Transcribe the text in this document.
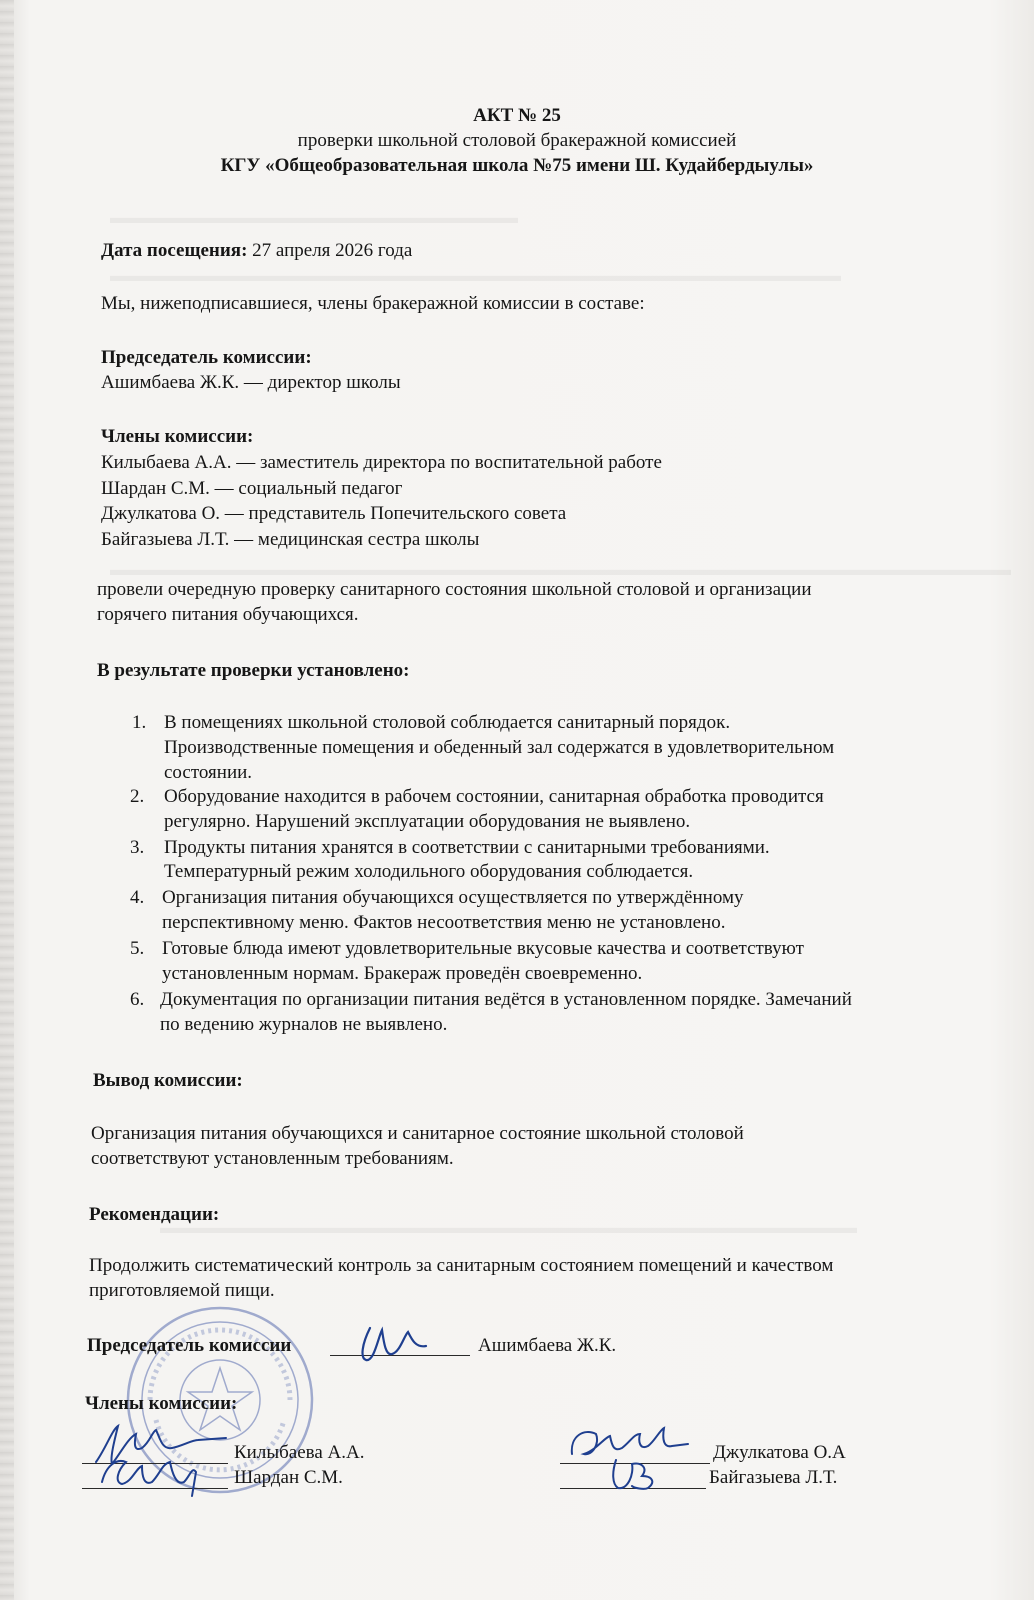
▬▬▬▬▬▬▬▬▬▬▬▬▬▬▬▬▬▬▬▬▬▬▬▬
▬▬▬▬▬▬▬▬▬▬▬▬▬▬▬▬▬▬▬▬▬▬▬▬▬▬▬▬▬▬▬▬▬▬▬▬▬▬▬▬▬▬▬
▬▬▬▬▬▬▬▬▬▬▬▬▬▬▬▬▬▬▬▬▬▬▬▬▬▬▬▬▬▬▬▬▬▬▬▬▬▬▬▬▬▬▬▬▬▬▬▬▬▬▬▬▬
▬▬▬▬▬▬▬▬▬▬▬▬▬▬▬▬▬▬▬▬▬▬▬▬▬▬▬▬▬▬▬▬▬▬▬▬▬▬▬▬▬
АКТ № 25
проверки школьной столовой бракеражной комиссией
КГУ «Общеобразовательная школа №75 имени Ш. Кудайбердыулы»
Дата посещения: 27 апреля 2026 года
Мы, нижеподписавшиеся, члены бракеражной комиссии в составе:
Председатель комиссии:
Ашимбаева Ж.К. — директор школы
Члены комиссии:
Килыбаева А.А. — заместитель директора по воспитательной работе
Шардан С.М. — социальный педагог
Джулкатова О. — представитель Попечительского совета
Байгазыева Л.Т. — медицинская сестра школы
провели очередную проверку санитарного состояния школьной столовой и организации
горячего питания обучающихся.
В результате проверки установлено:
1. В помещениях школьной столовой соблюдается санитарный порядок.
Производственные помещения и обеденный зал содержатся в удовлетворительном
состоянии.
2. Оборудование находится в рабочем состоянии, санитарная обработка проводится
регулярно. Нарушений эксплуатации оборудования не выявлено.
3. Продукты питания хранятся в соответствии с санитарными требованиями.
Температурный режим холодильного оборудования соблюдается.
4. Организация питания обучающихся осуществляется по утверждённому
перспективному меню. Фактов несоответствия меню не установлено.
5. Готовые блюда имеют удовлетворительные вкусовые качества и соответствуют
установленным нормам. Бракераж проведён своевременно.
6. Документация по организации питания ведётся в установленном порядке. Замечаний
по ведению журналов не выявлено.
Вывод комиссии:
Организация питания обучающихся и санитарное состояние школьной столовой
соответствуют установленным требованиям.
Рекомендации:
Продолжить систематический контроль за санитарным состоянием помещений и качеством
приготовляемой пищи.
Председатель комиссии	Ашимбаева Ж.К.
Члены комиссии:
Килыбаева А.А.
Шардан С.М.
Джулкатова О.А
Байгазыева Л.Т.
